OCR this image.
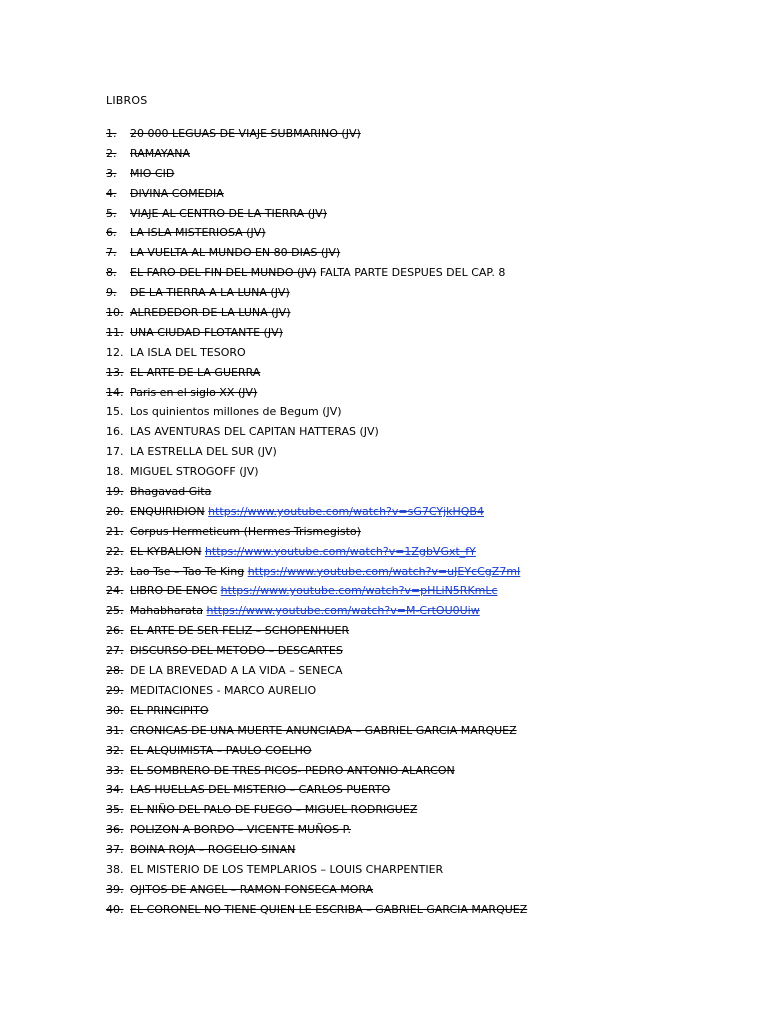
LIBROS
1. 20 000 LEGUAS DE VIAJE SUBMARINO (JV)
2. RAMAYANA
3. MIO CID
4. DIVINA COMEDIA
5. VIAJE AL CENTRO DE LA TIERRA (JV)
6. LA ISLA MISTERIOSA (JV)
7. LA VUELTA AL MUNDO EN 80 DIAS (JV)
8. EL FARO DEL FIN DEL MUNDO (JV) FALTA PARTE DESPUES DEL CAP. 8
9. DE LA TIERRA A LA LUNA (JV)
10. ALREDEDOR DE LA LUNA (JV)
11. UNA CIUDAD FLOTANTE (JV)
12. LA ISLA DEL TESORO
13. EL ARTE DE LA GUERRA
14. Paris en el siglo XX (JV)
15. Los quinientos millones de Begum (JV)
16. LAS AVENTURAS DEL CAPITAN HATTERAS (JV)
17. LA ESTRELLA DEL SUR (JV)
18. MIGUEL STROGOFF (JV)
19. Bhagavad Gita
20. ENQUIRIDION https://www.youtube.com/watch?v=sG7CYjkHQB4
21. Corpus Hermeticum (Hermes Trismegisto)
22. EL KYBALION https://www.youtube.com/watch?v=1ZgbVGxt_fY
23. Lao Tse – Tao Te King https://www.youtube.com/watch?v=uJEYcCgZ7mI
24. LIBRO DE ENOC https://www.youtube.com/watch?v=pHLiN5RKmLc
25. Mahabharata https://www.youtube.com/watch?v=M-CrtOU0Uiw
26. EL ARTE DE SER FELIZ – SCHOPENHUER
27. DISCURSO DEL METODO – DESCARTES
28. DE LA BREVEDAD A LA VIDA – SENECA
29. MEDITACIONES - MARCO AURELIO
30. EL PRINCIPITO
31. CRONICAS DE UNA MUERTE ANUNCIADA – GABRIEL GARCIA MARQUEZ
32. EL ALQUIMISTA – PAULO COELHO
33. EL SOMBRERO DE TRES PICOS- PEDRO ANTONIO ALARCON
34. LAS HUELLAS DEL MISTERIO – CARLOS PUERTO
35. EL NIÑO DEL PALO DE FUEGO – MIGUEL RODRIGUEZ
36. POLIZON A BORDO – VICENTE MUÑOS P.
37. BOINA ROJA – ROGELIO SINAN
38. EL MISTERIO DE LOS TEMPLARIOS – LOUIS CHARPENTIER
39. OJITOS DE ANGEL – RAMON FONSECA MORA
40. EL CORONEL NO TIENE QUIEN LE ESCRIBA – GABRIEL GARCIA MARQUEZ
